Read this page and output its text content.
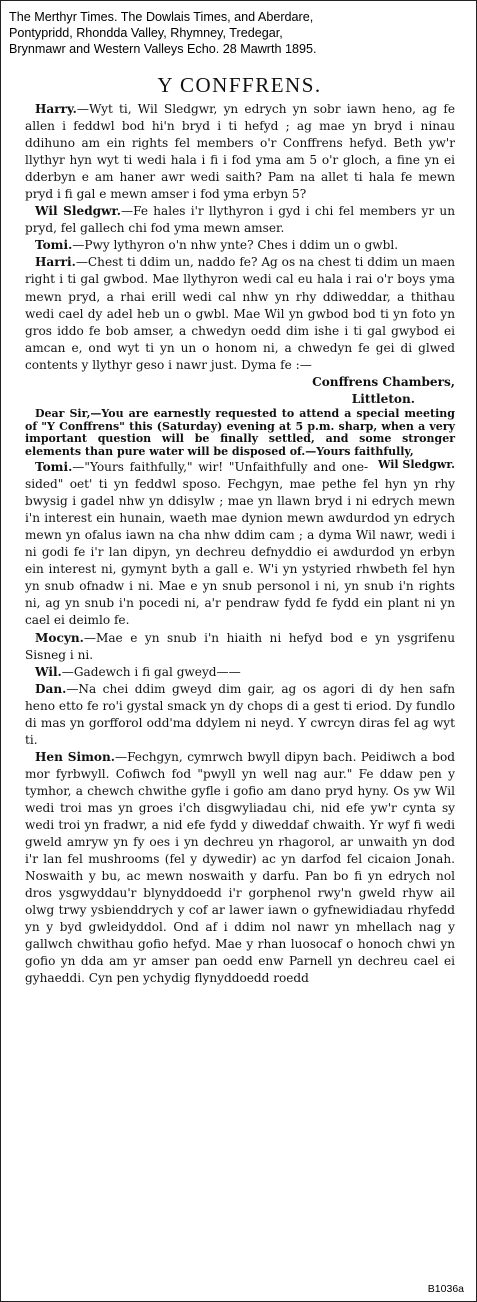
The Merthyr Times. The Dowlais Times, and Aberdare,
Pontypridd, Rhondda Valley, Rhymney, Tredegar,
Brynmawr and Western Valleys Echo. 28 Mawrth 1895.
Y CONFFRENS.

Harry.—Wyt ti, Wil Sledgwr, yn edrych yn sobr iawn heno, ag fe allen i feddwl bod hi'n bryd i ti hefyd ; ag mae yn bryd i ninau ddihuno am ein rights fel members o'r Conffrens hefyd. Beth yw'r llythyr hyn wyt ti wedi hala i fi i fod yma am 5 o'r gloch, a fine yn ei dderbyn e am haner awr wedi saith? Pam na allet ti hala fe mewn pryd i fi gal e mewn amser i fod yma erbyn 5?

Wil Sledgwr.—Fe hales i'r llythyron i gyd i chi fel members yr un pryd, fel gallech chi fod yma mewn amser.

Tomi.—Pwy lythyron o'n nhw ynte? Ches i ddim un o gwbl.

Harri.—Chest ti ddim un, naddo fe? Ag os na chest ti ddim un maen right i ti gal gwbod. Mae llythyron wedi cal eu hala i rai o'r boys yma mewn pryd, a rhai erill wedi cal nhw yn rhy ddiweddar, a thithau wedi cael dy adel heb un o gwbl. Mae Wil yn gwbod bod ti yn foto yn gros iddo fe bob amser, a chwedyn oedd dim ishe i ti gal gwybod ei amcan e, ond wyt ti yn un o honom ni, a chwedyn fe gei di glwed contents y llythyr geso i nawr just. Dyma fe :—

Conffrens Chambers,

Littleton.

Dear Sir,—You are earnestly requested to attend a special meeting of "Y Conffrens" this (Saturday) evening at 5 p.m. sharp, when a very important question will be finally settled, and some stronger elements than pure water will be disposed of.—Yours faithfully,
Wil Sledgwr.

Tomi.—"Yours faithfully," wir! "Unfaithfully and one-sided" oet' ti yn feddwl sposo. Fechgyn, mae pethe fel hyn yn rhy bwysig i gadel nhw yn ddisylw ; mae yn llawn bryd i ni edrych mewn i'n interest ein hunain, waeth mae dynion mewn awdurdod yn edrych mewn yn ofalus iawn na cha nhw ddim cam ; a dyma Wil nawr, wedi i ni godi fe i'r lan dipyn, yn dechreu defnyddio ei awdurdod yn erbyn ein interest ni, gymynt byth a gall e. W'i yn ystyried rhwbeth fel hyn yn snub ofnadw i ni. Mae e yn snub personol i ni, yn snub i'n rights ni, ag yn snub i'n pocedi ni, a'r pendraw fydd fe fydd ein plant ni yn cael ei deimlo fe.

Mocyn.—Mae e yn snub i'n hiaith ni hefyd bod e yn ysgrifenu Sisneg i ni.

Wil.—Gadewch i fi gal gweyd——

Dan.—Na chei ddim gweyd dim gair, ag os agori di dy hen safn heno etto fe ro'i gystal smack yn dy chops di a gest ti eriod. Dy fundlo di mas yn gorfforol odd'ma ddylem ni neyd. Y cwrcyn diras fel ag wyt ti.

Hen Simon.—Fechgyn, cymrwch bwyll dipyn bach. Peidiwch a bod mor fyrbwyll. Cofiwch fod "pwyll yn well nag aur." Fe ddaw pen y tymhor, a chewch chwithe gyfle i gofio am dano pryd hyny. Os yw Wil wedi troi mas yn groes i'ch disgwyliadau chi, nid efe yw'r cynta sy wedi troi yn fradwr, a nid efe fydd y diweddaf chwaith. Yr wyf fi wedi gweld amryw yn fy oes i yn dechreu yn rhagorol, ar unwaith yn dod i'r lan fel mushrooms (fel y dywedir) ac yn darfod fel cicaion Jonah. Noswaith y bu, ac mewn noswaith y darfu. Pan bo fi yn edrych nol dros ysgwyddau'r blynyddoedd i'r gorphenol rwy'n gweld rhyw ail olwg trwy ysbienddrych y cof ar lawer iawn o gyfnewidiadau rhyfedd yn y byd gwleidyddol. Ond af i ddim nol nawr yn mhellach nag y gallwch chwithau gofio hefyd. Mae y rhan luosocaf o honoch chwi yn gofio yn dda am yr amser pan oedd enw Parnell yn dechreu cael ei gyhaeddi. Cyn pen ychydig flynyddoedd roedd

B1036a
